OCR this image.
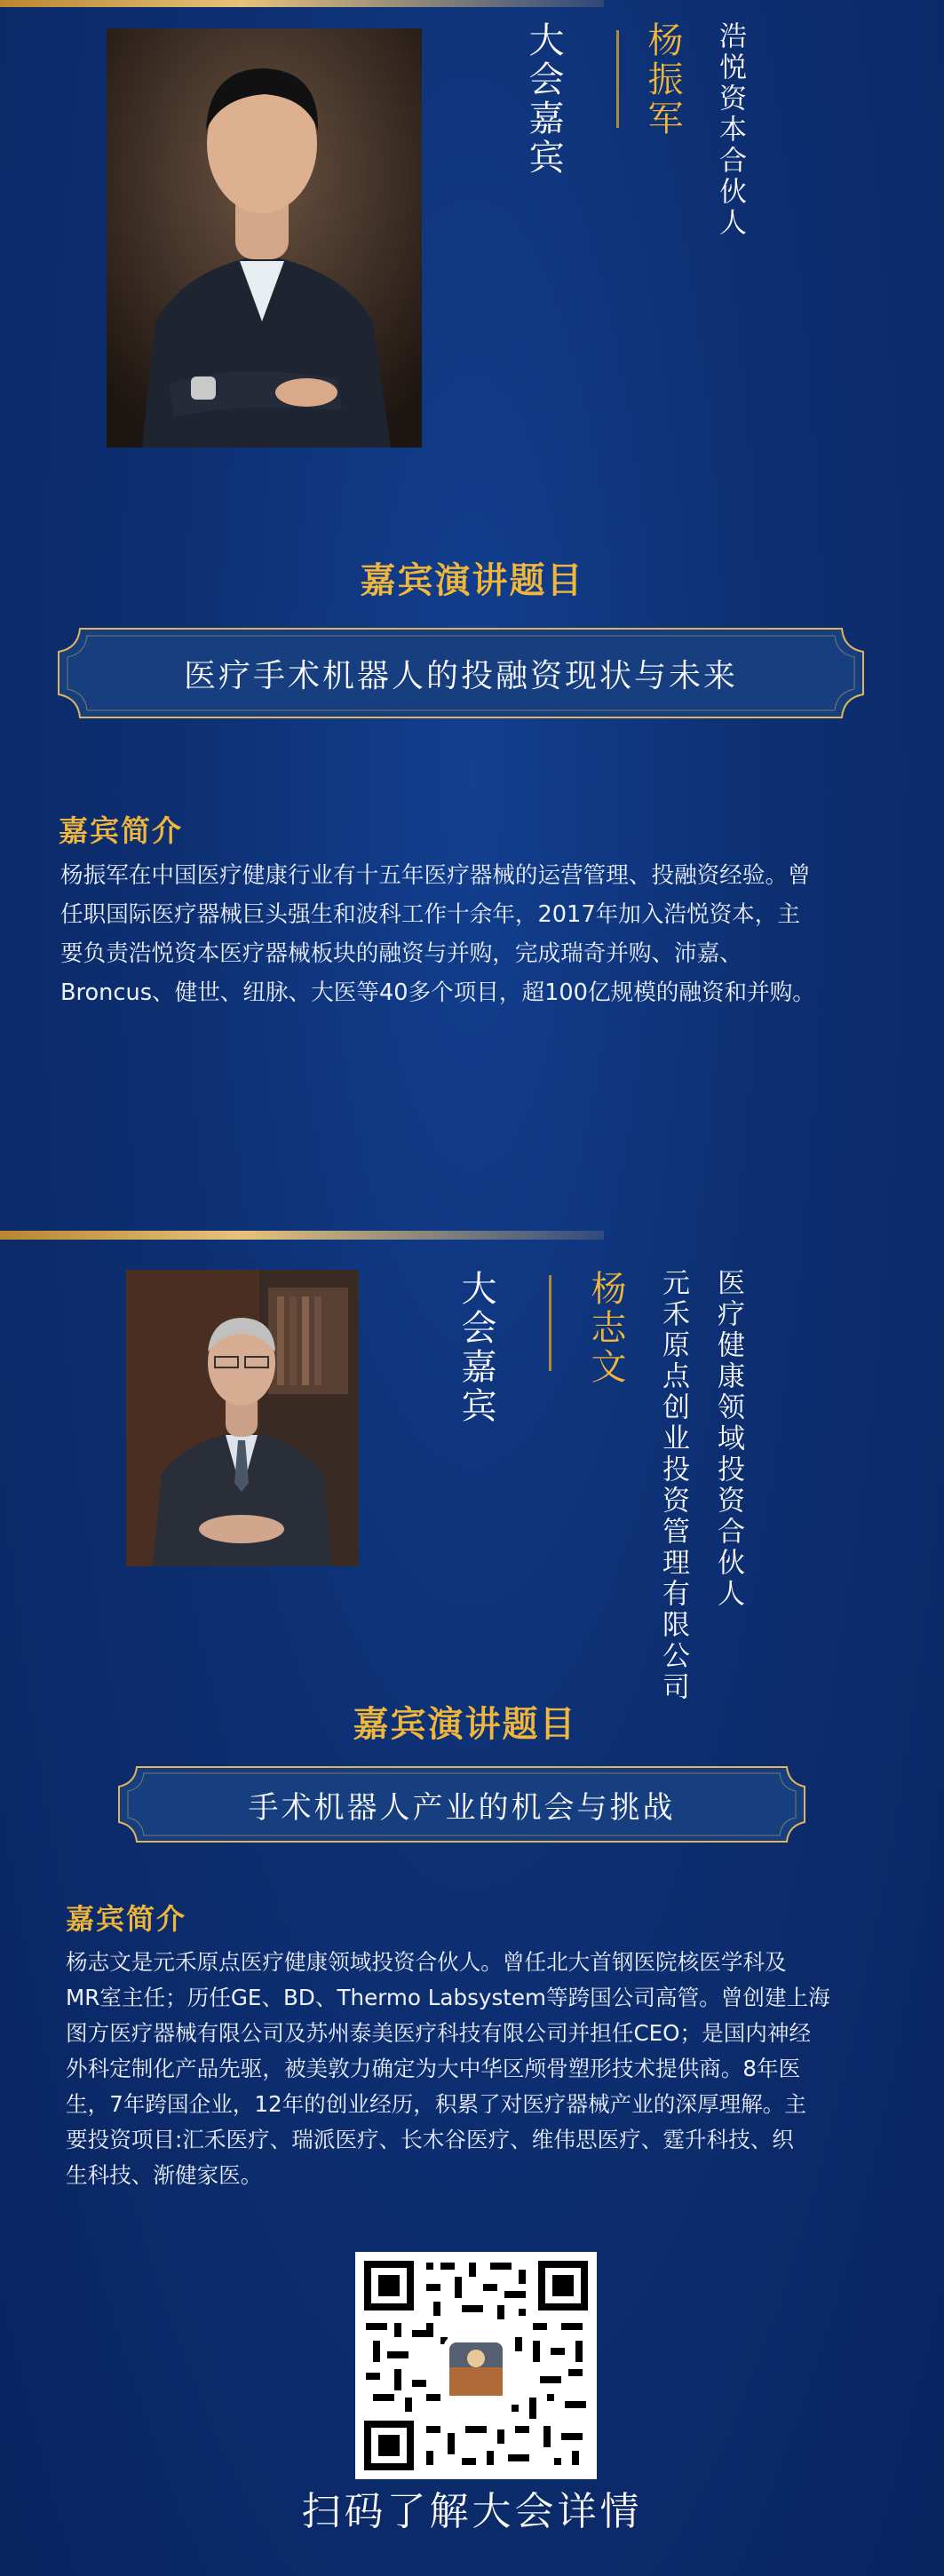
大会嘉宾 杨振军 浩悦资本合伙人
嘉宾演讲题目
医疗手术机器人的投融资现状与未来
嘉宾简介
杨振军在中国医疗健康行业有十五年医疗器械的运营管理、投融资经验。曾
任职国际医疗器械巨头强生和波科工作十余年，2017年加入浩悦资本，主
要负责浩悦资本医疗器械板块的融资与并购，完成瑞奇并购、沛嘉、
Broncus、健世、纽脉、大医等40多个项目，超100亿规模的融资和并购。
大会嘉宾	杨志文 元禾原点创业投资管理有限公司 医疗健康领域投资合伙人
嘉宾演讲题目
手术机器人产业的机会与挑战
嘉宾简介
杨志文是元禾原点医疗健康领域投资合伙人。曾任北大首钢医院核医学科及
MR室主任；历任GE、BD、Thermo Labsystem等跨国公司高管。曾创建上海
图方医疗器械有限公司及苏州泰美医疗科技有限公司并担任CEO；是国内神经
外科定制化产品先驱，被美敦力确定为大中华区颅骨塑形技术提供商。8年医
生，7年跨国企业，12年的创业经历，积累了对医疗器械产业的深厚理解。主
要投资项目:汇禾医疗、瑞派医疗、长木谷医疗、维伟思医疗、霆升科技、织
生科技、渐健家医。
扫码了解大会详情
